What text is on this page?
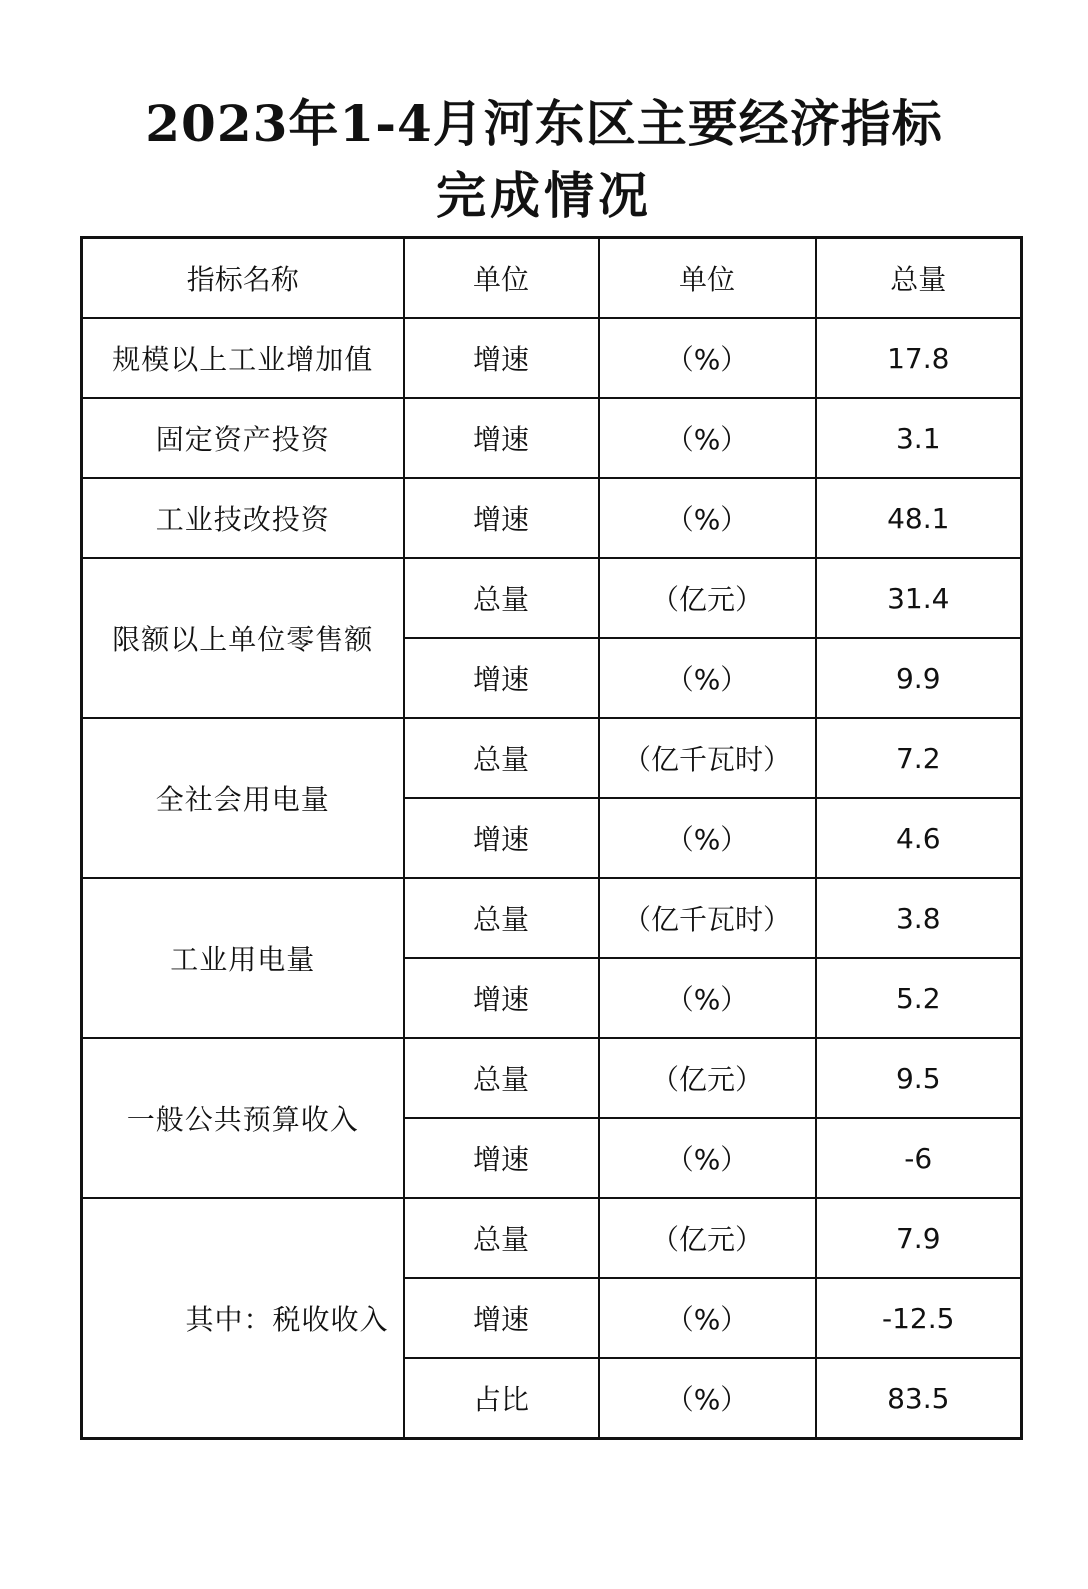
2023年1-4月河东区主要经济指标
完成情况
指标名称	单位	单位	总量
规模以上工业增加值	增速	（%）	17.8
固定资产投资	增速	（%）	3.1
工业技改投资	增速	（%）	48.1
限额以上单位零售额	总量	（亿元）	31.4
	增速	（%）	9.9
全社会用电量	总量	（亿千瓦时）	7.2
	增速	（%）	4.6
工业用电量	总量	（亿千瓦时）	3.8
	增速	（%）	5.2
一般公共预算收入	总量	（亿元）	9.5
	增速	（%）	-6
其中：税收收入	总量	（亿元）	7.9
	增速	（%）	-12.5
	占比	（%）	83.5
